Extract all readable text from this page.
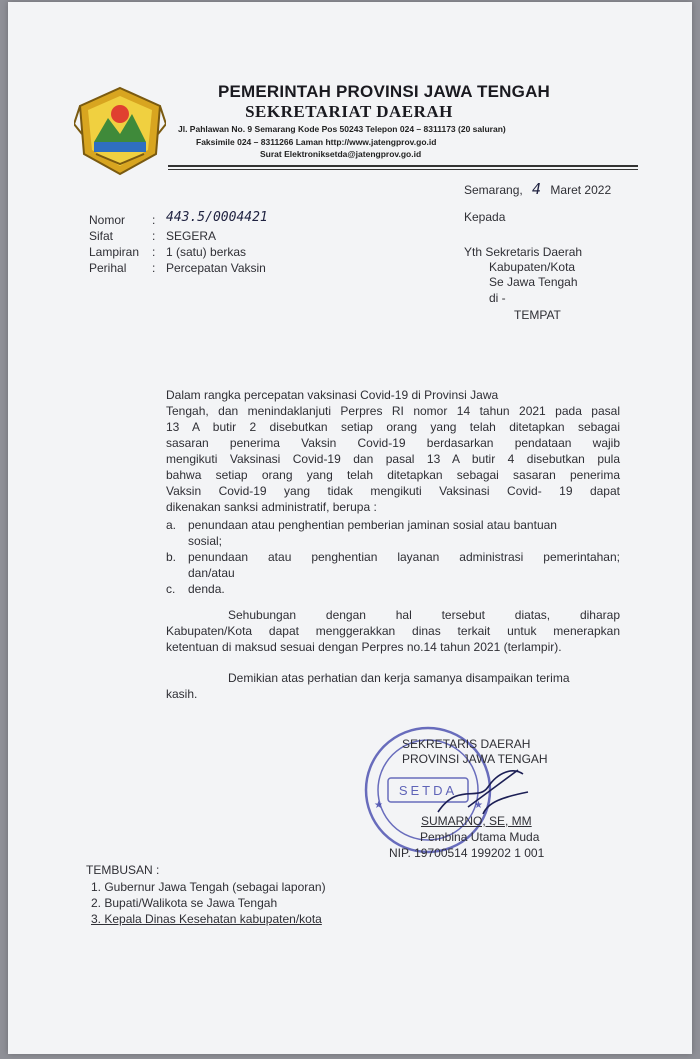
PEMERINTAH PROVINSI JAWA TENGAH
SEKRETARIAT DAERAH
Jl. Pahlawan No. 9 Semarang Kode Pos 50243 Telepon 024 – 8311173 (20 saluran)
Faksimile 024 – 8311266 Laman http://www.jatengprov.go.id
Surat Elektroniksetda@jatengprov.go.id
Semarang, 4 Maret 2022
Nomor : 443.5/0004421
Sifat	: SEGERA
Lampiran : 1 (satu) berkas
Perihal : Percepatan Vaksin
Kepada
Yth Sekretaris Daerah
Kabupaten/Kota
Se Jawa Tengah
di -
TEMPAT
Dalam rangka percepatan vaksinasi Covid-19 di Provinsi Jawa
Tengah, dan menindaklanjuti Perpres RI nomor 14 tahun 2021 pada pasal
13 A butir 2 disebutkan setiap orang yang telah ditetapkan sebagai
sasaran penerima Vaksin Covid-19 berdasarkan pendataan wajib
mengikuti Vaksinasi Covid-19 dan pasal 13 A butir 4 disebutkan pula
bahwa setiap orang yang telah ditetapkan sebagai sasaran penerima
Vaksin Covid-19 yang tidak mengikuti Vaksinasi Covid- 19 dapat
dikenakan sanksi administratif, berupa :
a. penundaan atau penghentian pemberian jaminan sosial atau bantuan
sosial;
b. penundaan atau penghentian layanan administrasi pemerintahan;
dan/atau
c. denda.
Sehubungan dengan hal tersebut diatas, diharap
Kabupaten/Kota dapat menggerakkan dinas terkait untuk menerapkan
ketentuan di maksud sesuai dengan Perpres no.14 tahun 2021 (terlampir).
Demikian atas perhatian dan kerja samanya disampaikan terima
kasih.
SETDA
★	★
SEKRETARIS DAERAH
PROVINSI JAWA TENGAH
SUMARNO, SE, MM
Pembina Utama Muda
NIP. 19700514 199202 1 001
TEMBUSAN :
1. Gubernur Jawa Tengah (sebagai laporan)
2. Bupati/Walikota se Jawa Tengah
3. Kepala Dinas Kesehatan kabupaten/kota
